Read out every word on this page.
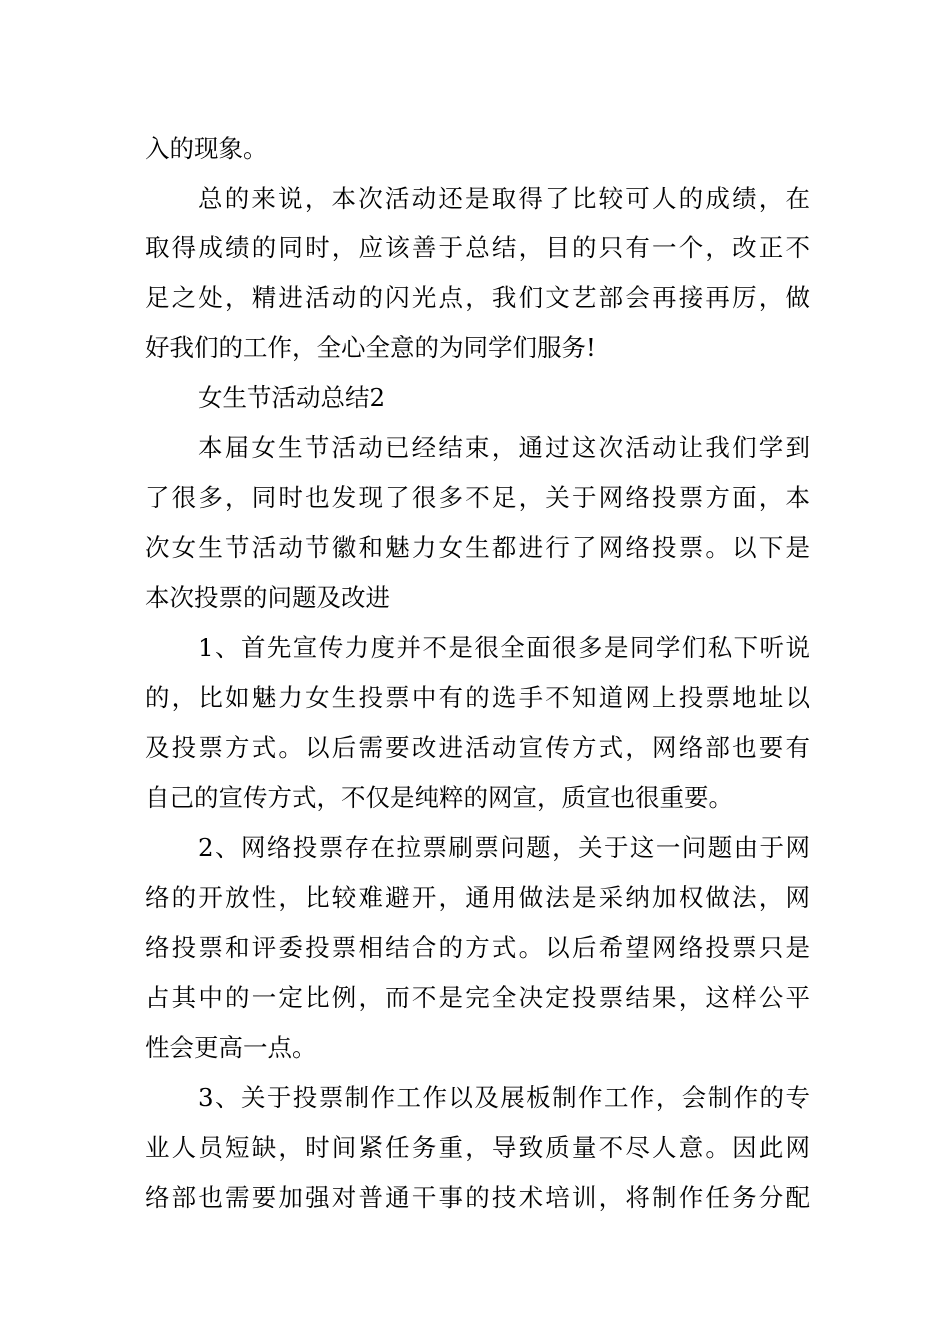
入的现象。
总的来说，本次活动还是取得了比较可人的成绩，在
取得成绩的同时，应该善于总结，目的只有一个，改正不
足之处，精进活动的闪光点，我们文艺部会再接再厉，做
好我们的工作，全心全意的为同学们服务!
女生节活动总结2
本届女生节活动已经结束，通过这次活动让我们学到
了很多，同时也发现了很多不足，关于网络投票方面，本
次女生节活动节徽和魅力女生都进行了网络投票。以下是
本次投票的问题及改进
1、首先宣传力度并不是很全面很多是同学们私下听说
的，比如魅力女生投票中有的选手不知道网上投票地址以
及投票方式。以后需要改进活动宣传方式，网络部也要有
自己的宣传方式，不仅是纯粹的网宣，质宣也很重要。
2、网络投票存在拉票刷票问题，关于这一问题由于网
络的开放性，比较难避开，通用做法是采纳加权做法，网
络投票和评委投票相结合的方式。以后希望网络投票只是
占其中的一定比例，而不是完全决定投票结果，这样公平
性会更高一点。
3、关于投票制作工作以及展板制作工作，会制作的专
业人员短缺，时间紧任务重，导致质量不尽人意。因此网
络部也需要加强对普通干事的技术培训，将制作任务分配
